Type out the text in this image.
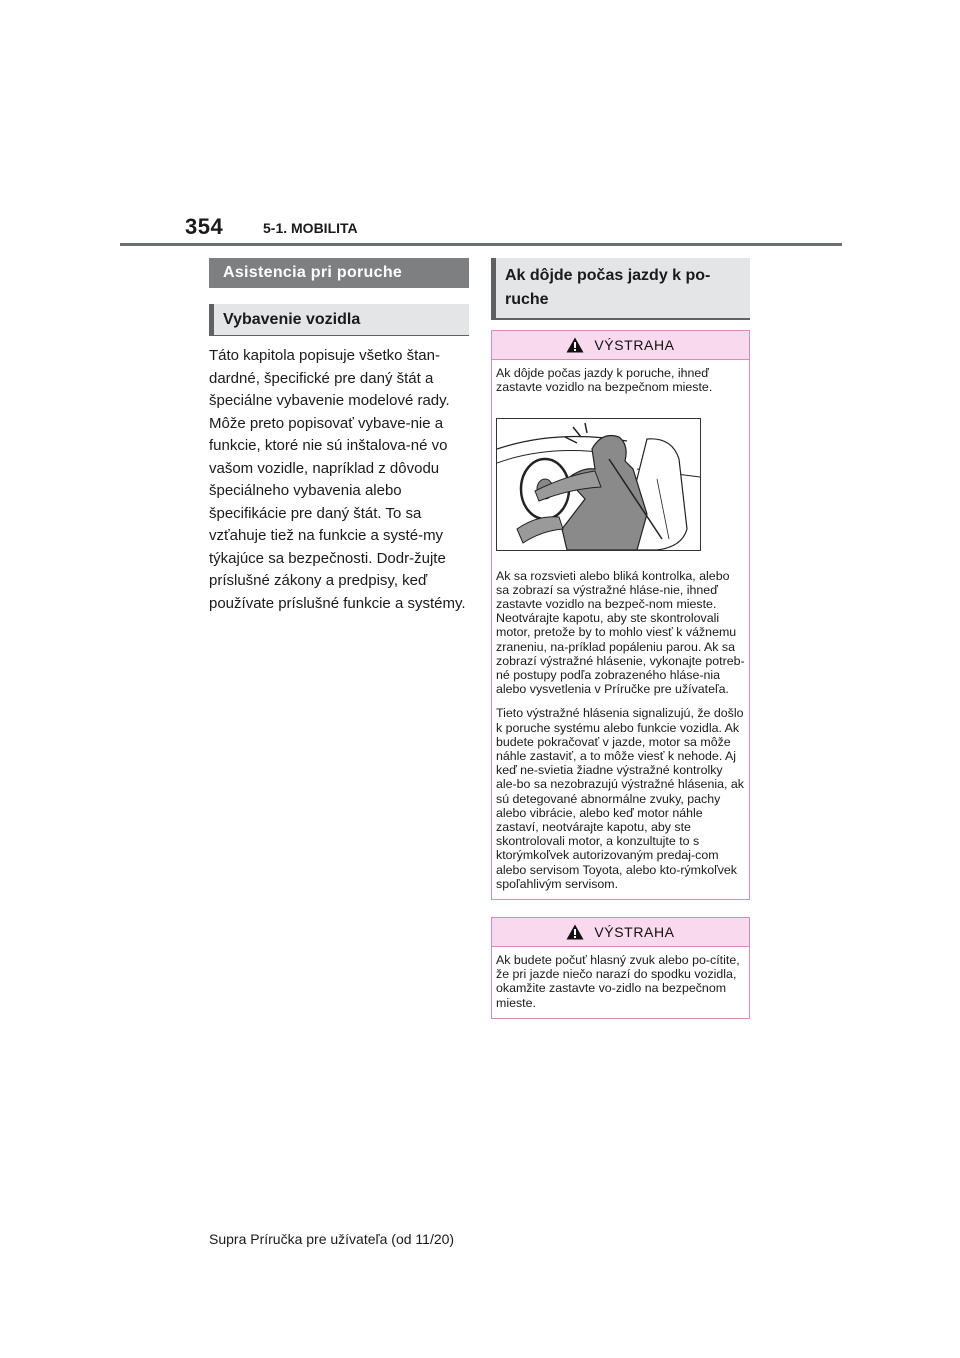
354	5-1. MOBILITA
Asistencia pri poruche
Vybavenie vozidla

Táto kapitola popisuje všetko štan-dardné, špecifické pre daný štát a špeciálne vybavenie modelové rady. Môže preto popisovať vybave-nie a funkcie, ktoré nie sú inštalova-né vo vašom vozidle, napríklad z dôvodu špeciálneho vybavenia alebo špecifikácie pre daný štát. To sa vzťahuje tiež na funkcie a systé-my týkajúce sa bezpečnosti. Dodr-žujte príslušné zákony a predpisy, keď používate príslušné funkcie a systémy.

Ak dôjde počas jazdy k po-ruche
VÝSTRAHA

Ak dôjde počas jazdy k poruche, ihneď zastavte vozidlo na bezpečnom mieste.

Ak sa rozsvieti alebo bliká kontrolka, alebo sa zobrazí sa výstražné hláse-nie, ihneď zastavte vozidlo na bezpeč-nom mieste. Neotvárajte kapotu, aby ste skontrolovali motor, pretože by to mohlo viesť k vážnemu zraneniu, na-príklad popáleniu parou. Ak sa zobrazí výstražné hlásenie, vykonajte potreb-né postupy podľa zobrazeného hláse-nia alebo vysvetlenia v Príručke pre užívateľa.

Tieto výstražné hlásenia signalizujú, že došlo k poruche systému alebo funkcie vozidla. Ak budete pokračovať v jazde, motor sa môže náhle zastaviť, a to môže viesť k nehode. Aj keď ne-svietia žiadne výstražné kontrolky ale-bo sa nezobrazujú výstražné hlásenia, ak sú detegované abnormálne zvuky, pachy alebo vibrácie, alebo keď motor náhle zastaví, neotvárajte kapotu, aby ste skontrolovali motor, a konzultujte to s ktorýmkoľvek autorizovaným predaj-com alebo servisom Toyota, alebo kto-rýmkoľvek spoľahlivým servisom.

VÝSTRAHA

Ak budete počuť hlasný zvuk alebo po-cítite, že pri jazde niečo narazí do spodku vozidla, okamžite zastavte vo-zidlo na bezpečnom mieste.

Supra Príručka pre užívateľa (od 11/20)
